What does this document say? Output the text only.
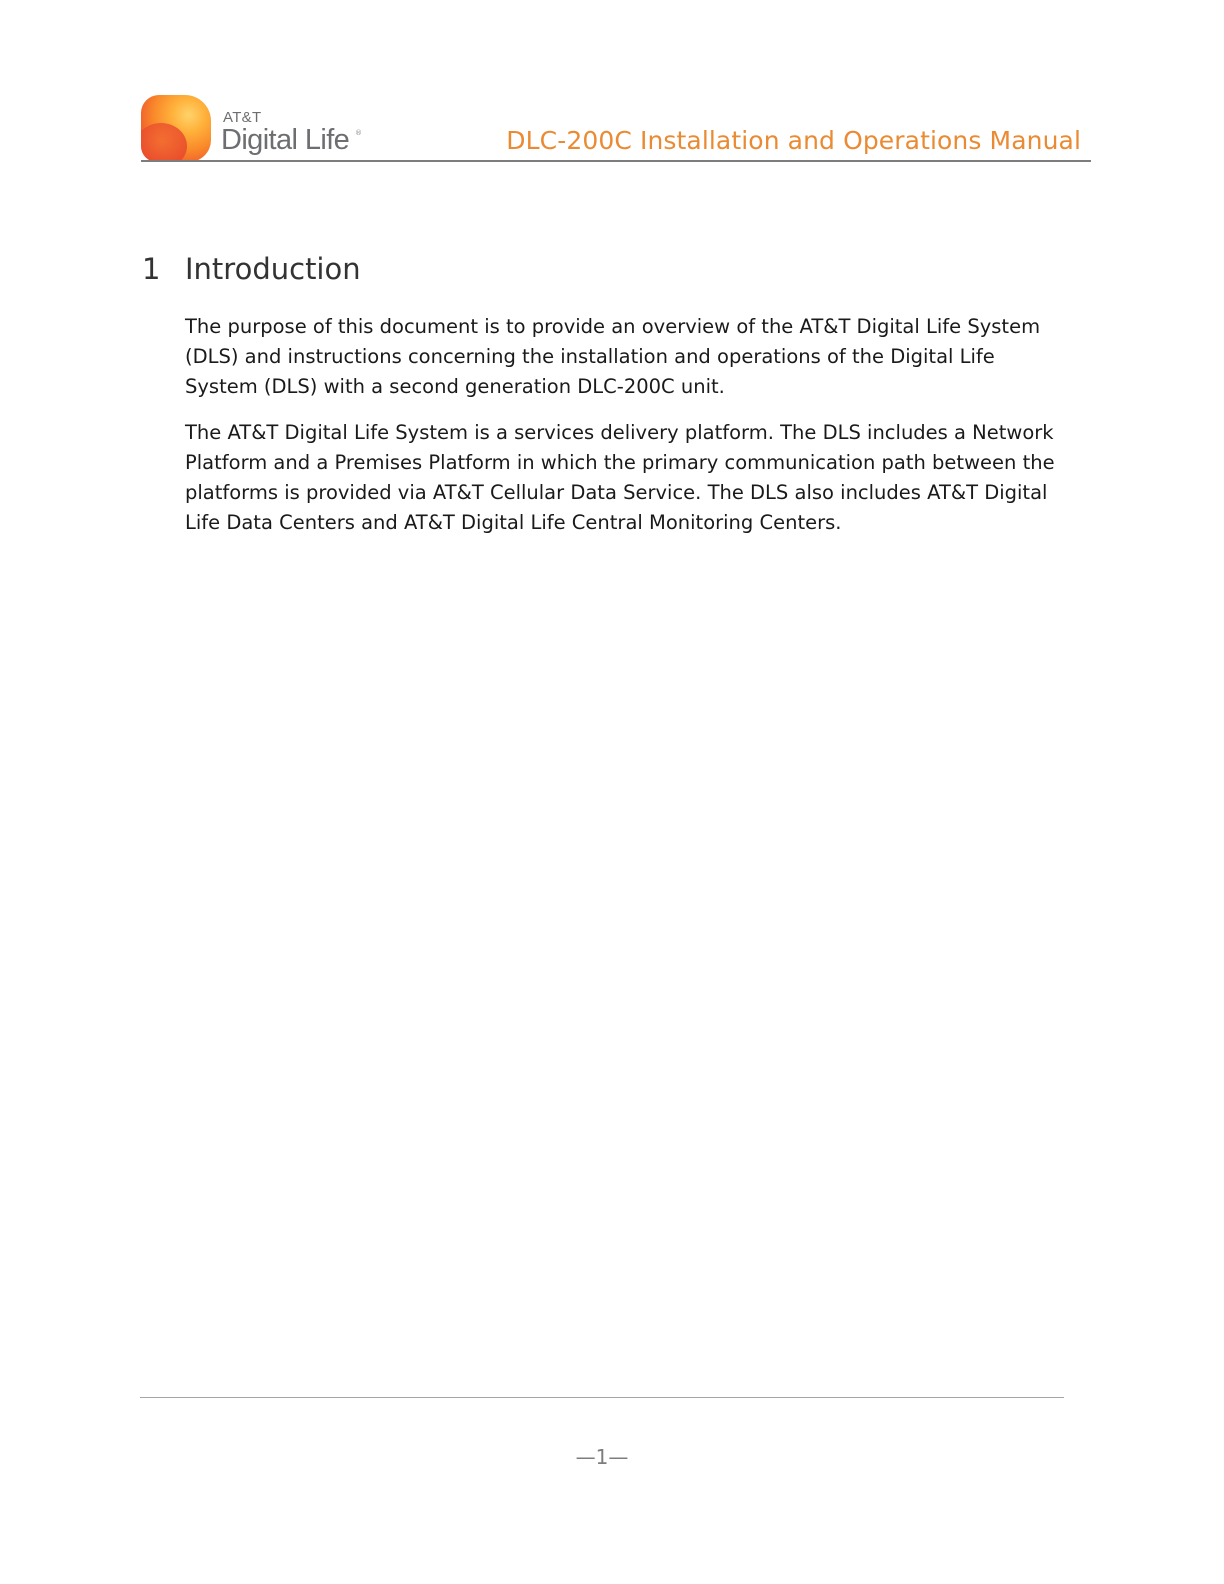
AT&T
Digital Life ®	DLC-200C Installation and Operations Manual
1 Introduction

The purpose of this document is to provide an overview of the AT&T Digital Life System (DLS) and instructions concerning the installation and operations of the Digital Life System (DLS) with a second generation DLC-200C unit.

The AT&T Digital Life System is a services delivery platform. The DLS includes a Network Platform and a Premises Platform in which the primary communication path between the platforms is provided via AT&T Cellular Data Service. The DLS also includes AT&T Digital Life Data Centers and AT&T Digital Life Central Monitoring Centers.

—1—
